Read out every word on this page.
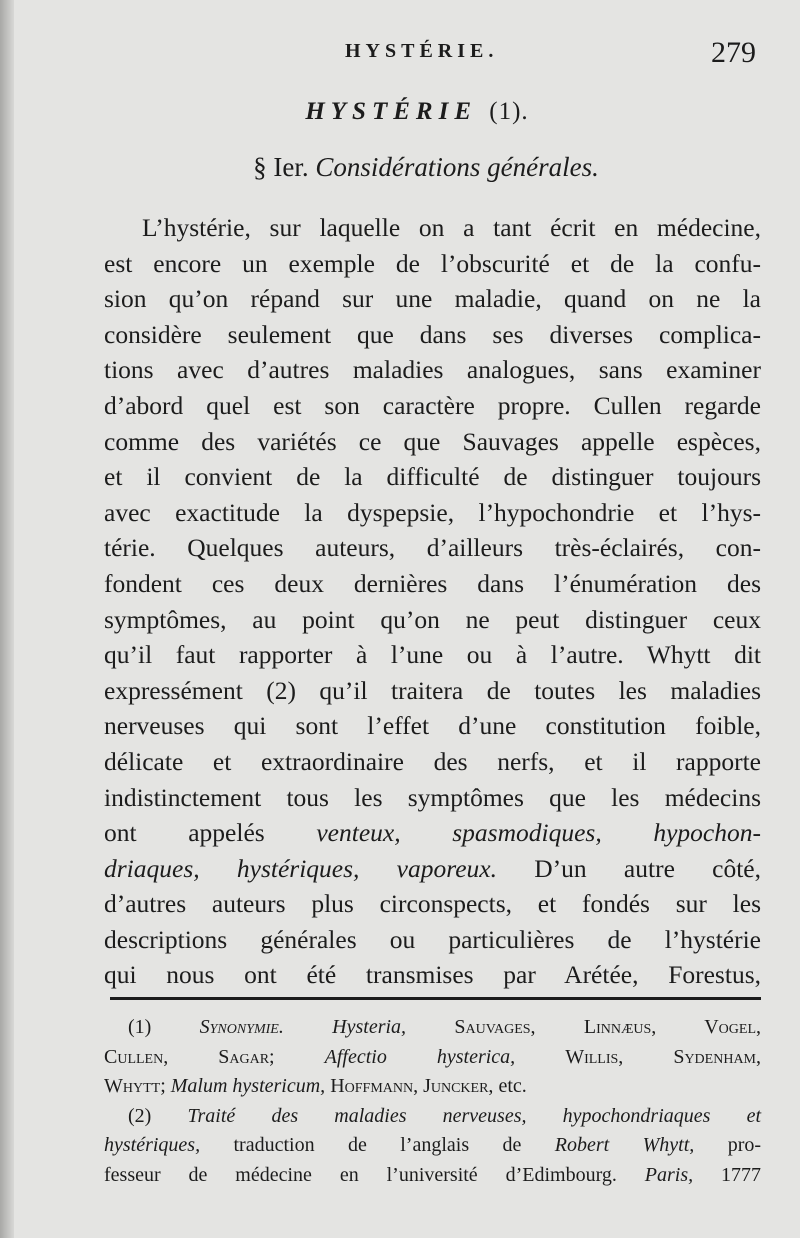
HYSTÉRIE.	279
HYSTÉRIE (1).
§ Ier. Considérations générales.
L’hystérie, sur laquelle on a tant écrit en médecine,
est encore un exemple de l’obscurité et de la confu-
sion qu’on répand sur une maladie, quand on ne la
considère seulement que dans ses diverses complica-
tions avec d’autres maladies analogues, sans examiner
d’abord quel est son caractère propre. Cullen regarde
comme des variétés ce que Sauvages appelle espèces,
et il convient de la difficulté de distinguer toujours
avec exactitude la dyspepsie, l’hypochondrie et l’hys-
térie. Quelques auteurs, d’ailleurs très-éclairés, con-
fondent ces deux dernières dans l’énumération des
symptômes, au point qu’on ne peut distinguer ceux
qu’il faut rapporter à l’une ou à l’autre. Whytt dit
expressément (2) qu’il traitera de toutes les maladies
nerveuses qui sont l’effet d’une constitution foible,
délicate et extraordinaire des nerfs, et il rapporte
indistinctement tous les symptômes que les médecins
ont appelés venteux, spasmodiques, hypochon-
driaques, hystériques, vaporeux. D’un autre côté,
d’autres auteurs plus circonspects, et fondés sur les
descriptions générales ou particulières de l’hystérie
qui nous ont été transmises par Arétée, Forestus,
(1) Synonymie. Hysteria, Sauvages, Linnæus, Vogel,
Cullen, Sagar;	Affectio hysterica,	Willis, Sydenham,
Whytt; Malum hystericum, Hoffmann, Juncker, etc.
(2) Traité des maladies nerveuses, hypochondriaques et
hystériques, traduction de l’anglais de Robert Whytt, pro-
fesseur de médecine en l’université d’Edimbourg. Paris, 1777
